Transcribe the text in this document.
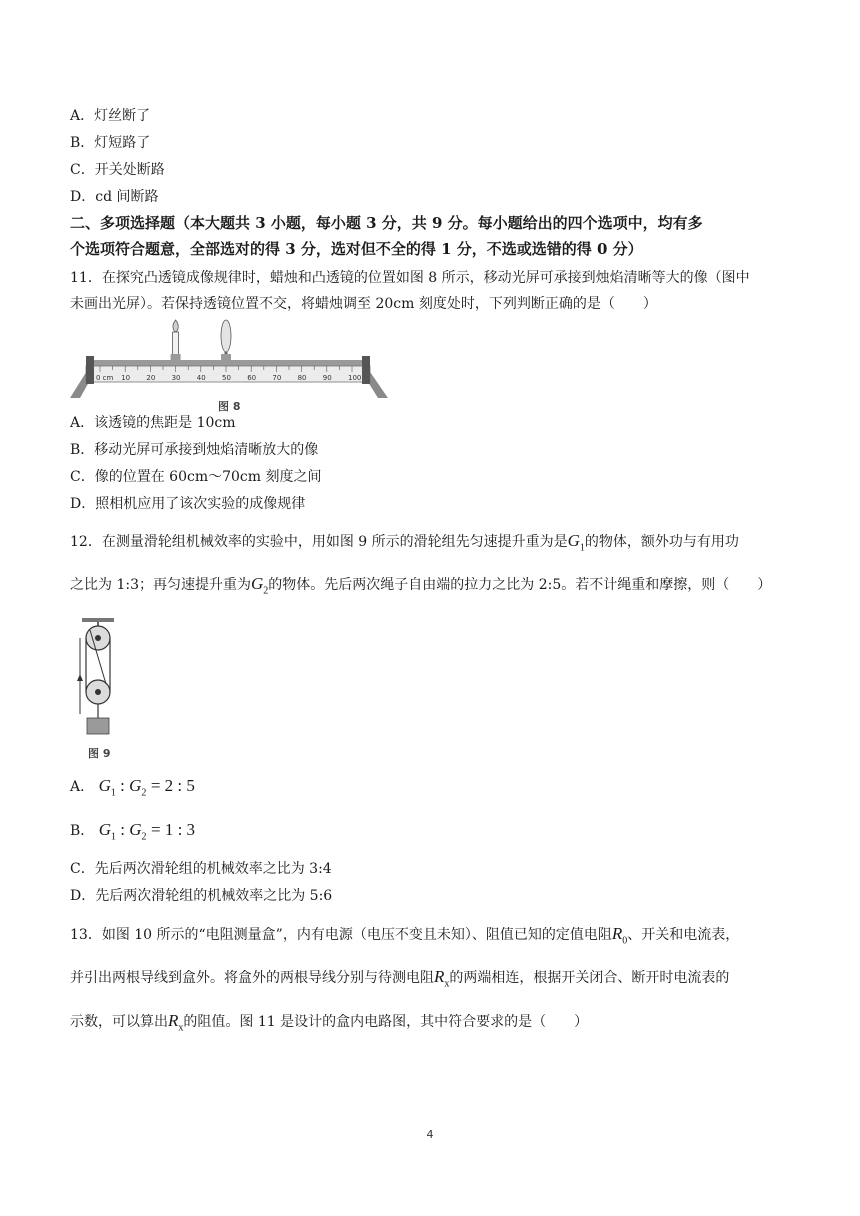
A．灯丝断了
B．灯短路了
C．开关处断路
D．cd 间断路
二、多项选择题（本大题共 3 小题，每小题 3 分，共 9 分。每小题给出的四个选项中，均有多
个选项符合题意，全部选对的得 3 分，选对但不全的得 1 分，不选或选错的得 0 分）
11．在探究凸透镜成像规律时，蜡烛和凸透镜的位置如图 8 所示，移动光屏可承接到烛焰清晰等大的像（图中
未画出光屏）。若保持透镜位置不交，将蜡烛调至 20cm 刻度处时，下列判断正确的是（　　）
10 20 30 40 50 60 70 80 90 100
0 cm
图 8
A．该透镜的焦距是 10cm
B．移动光屏可承接到烛焰清晰放大的像
C．像的位置在 60cm～70cm 刻度之间
D．照相机应用了该次实验的成像规律
12．在测量滑轮组机械效率的实验中，用如图 9 所示的滑轮组先匀速提升重为是$G_1$的物体，额外功与有用功
之比为 1:3；再匀速提升重为$G_2$的物体。先后两次绳子自由端的拉力之比为 2:5。若不计绳重和摩擦，则（　　）
图 9
A． $G_1$ : $G_2 = 2$ : 5
B． $G_1$ : $G_2 = 1$ : 3
C．先后两次滑轮组的机械效率之比为 3:4
D．先后两次滑轮组的机械效率之比为 5:6
13．如图 10 所示的“电阻测量盒”，内有电源（电压不变且未知）、阻值已知的定值电阻$R_0$、开关和电流表，
并引出两根导线到盒外。将盒外的两根导线分别与待测电阻$R_x$的两端相连，根据开关闭合、断开时电流表的
示数，可以算出$R_x$的阻值。图 11 是设计的盒内电路图，其中符合要求的是（　　）
4
